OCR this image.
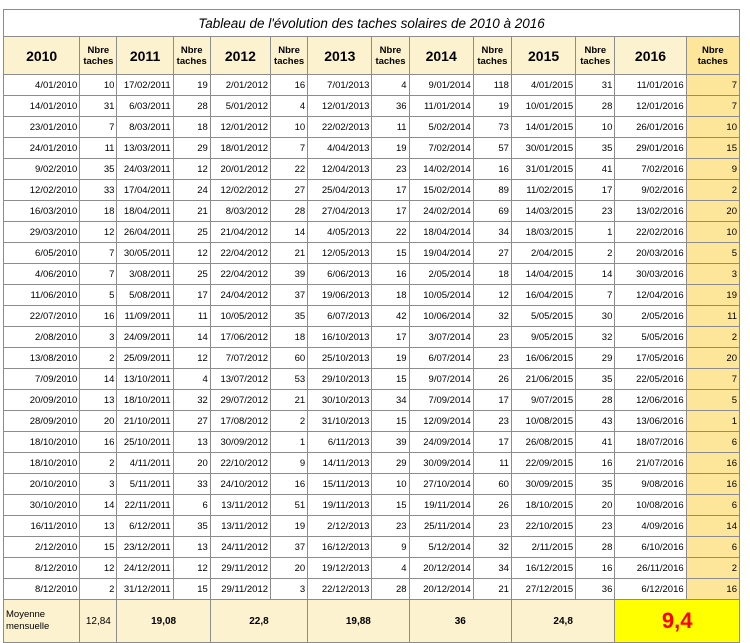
Tableau de l'évolution des taches solaires de 2010 à 2016													
2010	Nbre taches	2011	Nbre taches	2012	Nbre taches	2013	Nbre taches	2014	Nbre taches	2015	Nbre taches	2016	Nbre taches
4/01/2010	10	17/02/2011	19	2/01/2012	16	7/01/2013	4	9/01/2014	118	4/01/2015	31	11/01/2016	7
14/01/2010	31	6/03/2011	28	5/01/2012	4	12/01/2013	36	11/01/2014	19	10/01/2015	28	12/01/2016	7
23/01/2010	7	8/03/2011	18	12/01/2012	10	22/02/2013	11	5/02/2014	73	14/01/2015	10	26/01/2016	10
24/01/2010	11	13/03/2011	29	18/01/2012	7	4/04/2013	19	7/02/2014	57	30/01/2015	35	29/01/2016	15
9/02/2010	35	24/03/2011	12	20/01/2012	22	12/04/2013	23	14/02/2014	16	31/01/2015	41	7/02/2016	9
12/02/2010	33	17/04/2011	24	12/02/2012	27	25/04/2013	17	15/02/2014	89	11/02/2015	17	9/02/2016	2
16/03/2010	18	18/04/2011	21	8/03/2012	28	27/04/2013	17	24/02/2014	69	14/03/2015	23	13/02/2016	20
29/03/2010	12	26/04/2011	25	21/04/2012	14	4/05/2013	22	18/04/2014	34	18/03/2015	1	22/02/2016	10
6/05/2010	7	30/05/2011	12	22/04/2012	21	12/05/2013	15	19/04/2014	27	2/04/2015	2	20/03/2016	5
4/06/2010	7	3/08/2011	25	22/04/2012	39	6/06/2013	16	2/05/2014	18	14/04/2015	14	30/03/2016	3
11/06/2010	5	5/08/2011	17	24/04/2012	37	19/06/2013	18	10/05/2014	12	16/04/2015	7	12/04/2016	19
22/07/2010	16	11/09/2011	11	10/05/2012	35	6/07/2013	42	10/06/2014	32	5/05/2015	30	2/05/2016	11
2/08/2010	3	24/09/2011	14	17/06/2012	18	16/10/2013	17	3/07/2014	23	9/05/2015	32	5/05/2016	2
13/08/2010	2	25/09/2011	12	7/07/2012	60	25/10/2013	19	6/07/2014	23	16/06/2015	29	17/05/2016	20
7/09/2010	14	13/10/2011	4	13/07/2012	53	29/10/2013	15	9/07/2014	26	21/06/2015	35	22/05/2016	7
20/09/2010	13	18/10/2011	32	29/07/2012	21	30/10/2013	34	7/09/2014	17	9/07/2015	28	12/06/2016	5
28/09/2010	20	21/10/2011	27	17/08/2012	2	31/10/2013	15	12/09/2014	23	10/08/2015	43	13/06/2016	1
18/10/2010	16	25/10/2011	13	30/09/2012	1	6/11/2013	39	24/09/2014	17	26/08/2015	41	18/07/2016	6
18/10/2010	2	4/11/2011	20	22/10/2012	9	14/11/2013	29	30/09/2014	11	22/09/2015	16	21/07/2016	16
20/10/2010	3	5/11/2011	33	24/10/2012	16	15/11/2013	10	27/10/2014	60	30/09/2015	35	9/08/2016	16
30/10/2010	14	22/11/2011	6	13/11/2012	51	19/11/2013	15	19/11/2014	26	18/10/2015	20	10/08/2016	6
16/11/2010	13	6/12/2011	35	13/11/2012	19	2/12/2013	23	25/11/2014	23	22/10/2015	23	4/09/2016	14
2/12/2010	15	23/12/2011	13	24/11/2012	37	16/12/2013	9	5/12/2014	32	2/11/2015	28	6/10/2016	6
8/12/2010	12	24/12/2011	12	29/11/2012	20	19/12/2013	4	20/12/2014	34	16/12/2015	16	26/11/2016	2
8/12/2010	2	31/12/2011	15	29/11/2012	3	22/12/2013	28	20/12/2014	21	27/12/2015	36	6/12/2016	16
Moyenne mensuelle	12,84	19,08		22,8		19,88		36		24,8		9,4	
